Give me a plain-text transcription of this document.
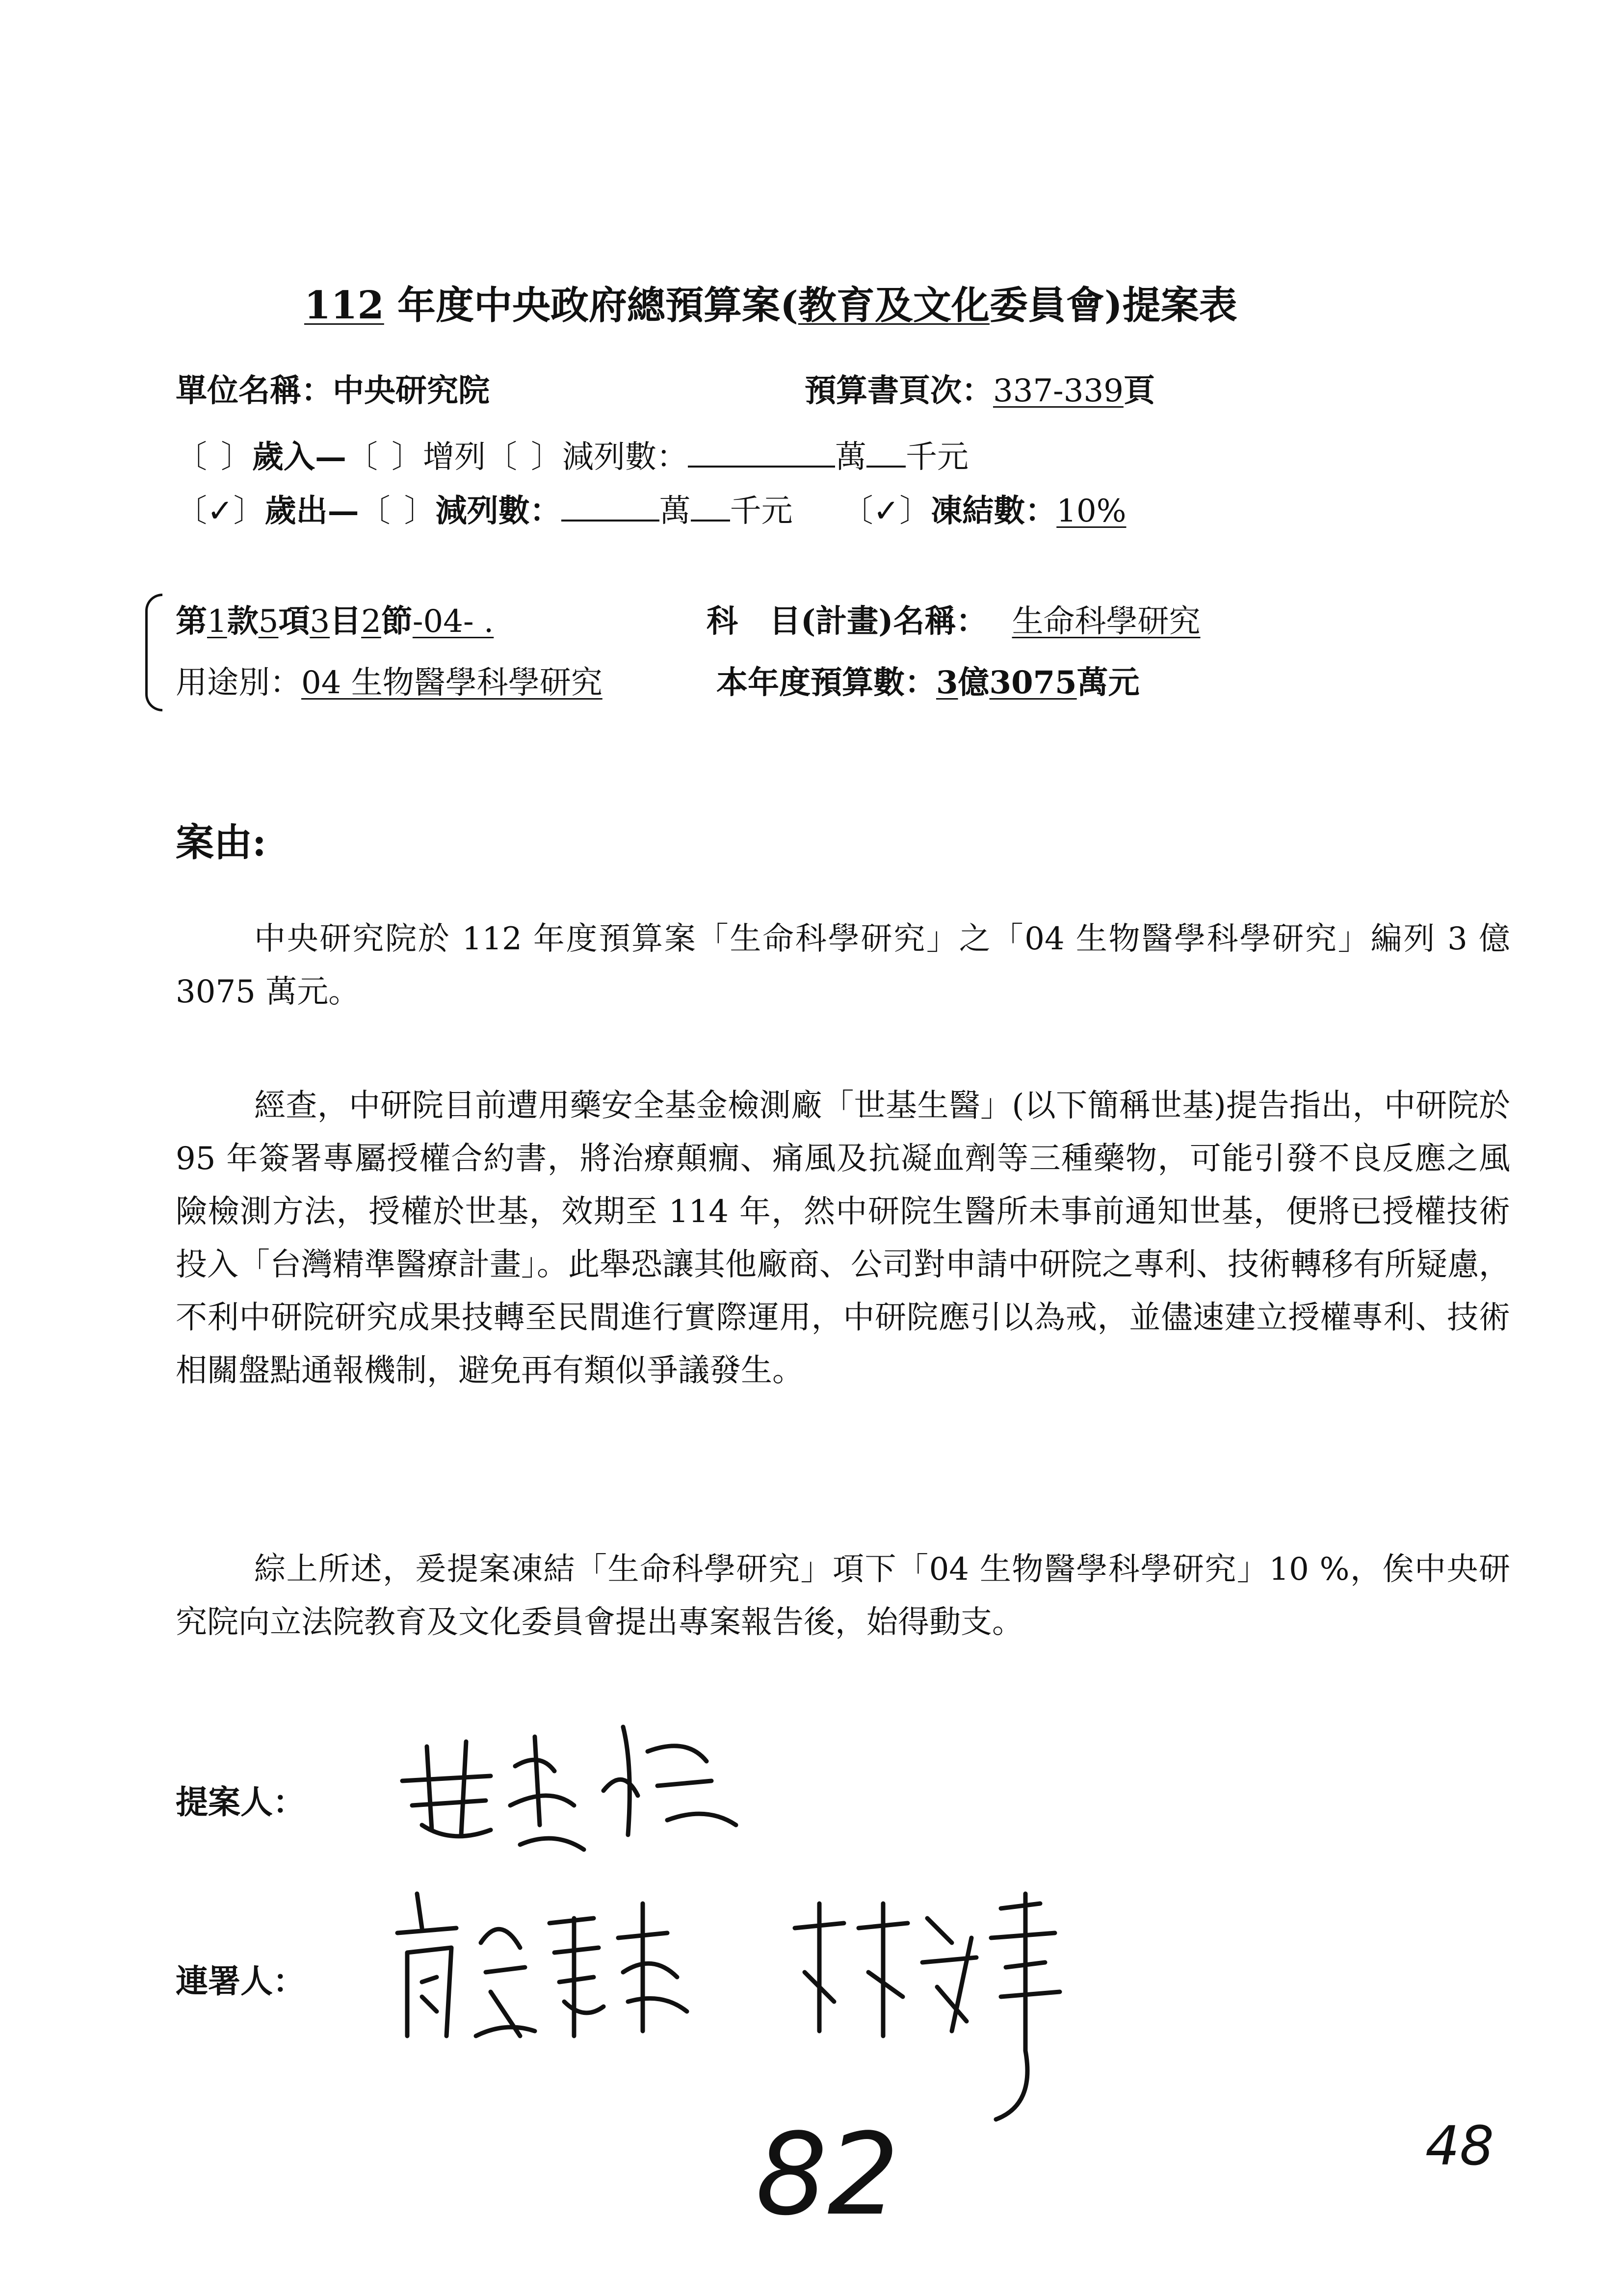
112 年度中央政府總預算案(教育及文化委員會)提案表
單位名稱：中央研究院	預算書頁次：337-339頁
〔 〕歲入—〔 〕增列〔 〕減列數：	萬 千元
〔✓〕歲出—〔 〕減列數：	萬 千元 〔✓〕凍結數：10%
第1款5項3目2節-04- .	科　目(計畫)名稱： 生命科學研究
用途別：04 生物醫學科學研究	本年度預算數：3億3075萬元
案由:

中央研究院於 112 年度預算案「生命科學研究」之「04 生物醫學科學研究」編列 3 億 3075 萬元。

經查，中研院目前遭用藥安全基金檢測廠「世基生醫」(以下簡稱世基)提告指出，中研院於 95 年簽署專屬授權合約書，將治療顛癇、痛風及抗凝血劑等三種藥物，可能引發不良反應之風險檢測方法，授權於世基，效期至 114 年，然中研院生醫所未事前通知世基，便將已授權技術投入「台灣精準醫療計畫」。此舉恐讓其他廠商、公司對申請中研院之專利、技術轉移有所疑慮，不利中研院研究成果技轉至民間進行實際運用，中研院應引以為戒，並儘速建立授權專利、技術相關盤點通報機制，避免再有類似爭議發生。

綜上所述，爰提案凍結「生命科學研究」項下「04 生物醫學科學研究」10 %，俟中央研究院向立法院教育及文化委員會提出專案報告後，始得動支。

提案人：
連署人：
82	48
